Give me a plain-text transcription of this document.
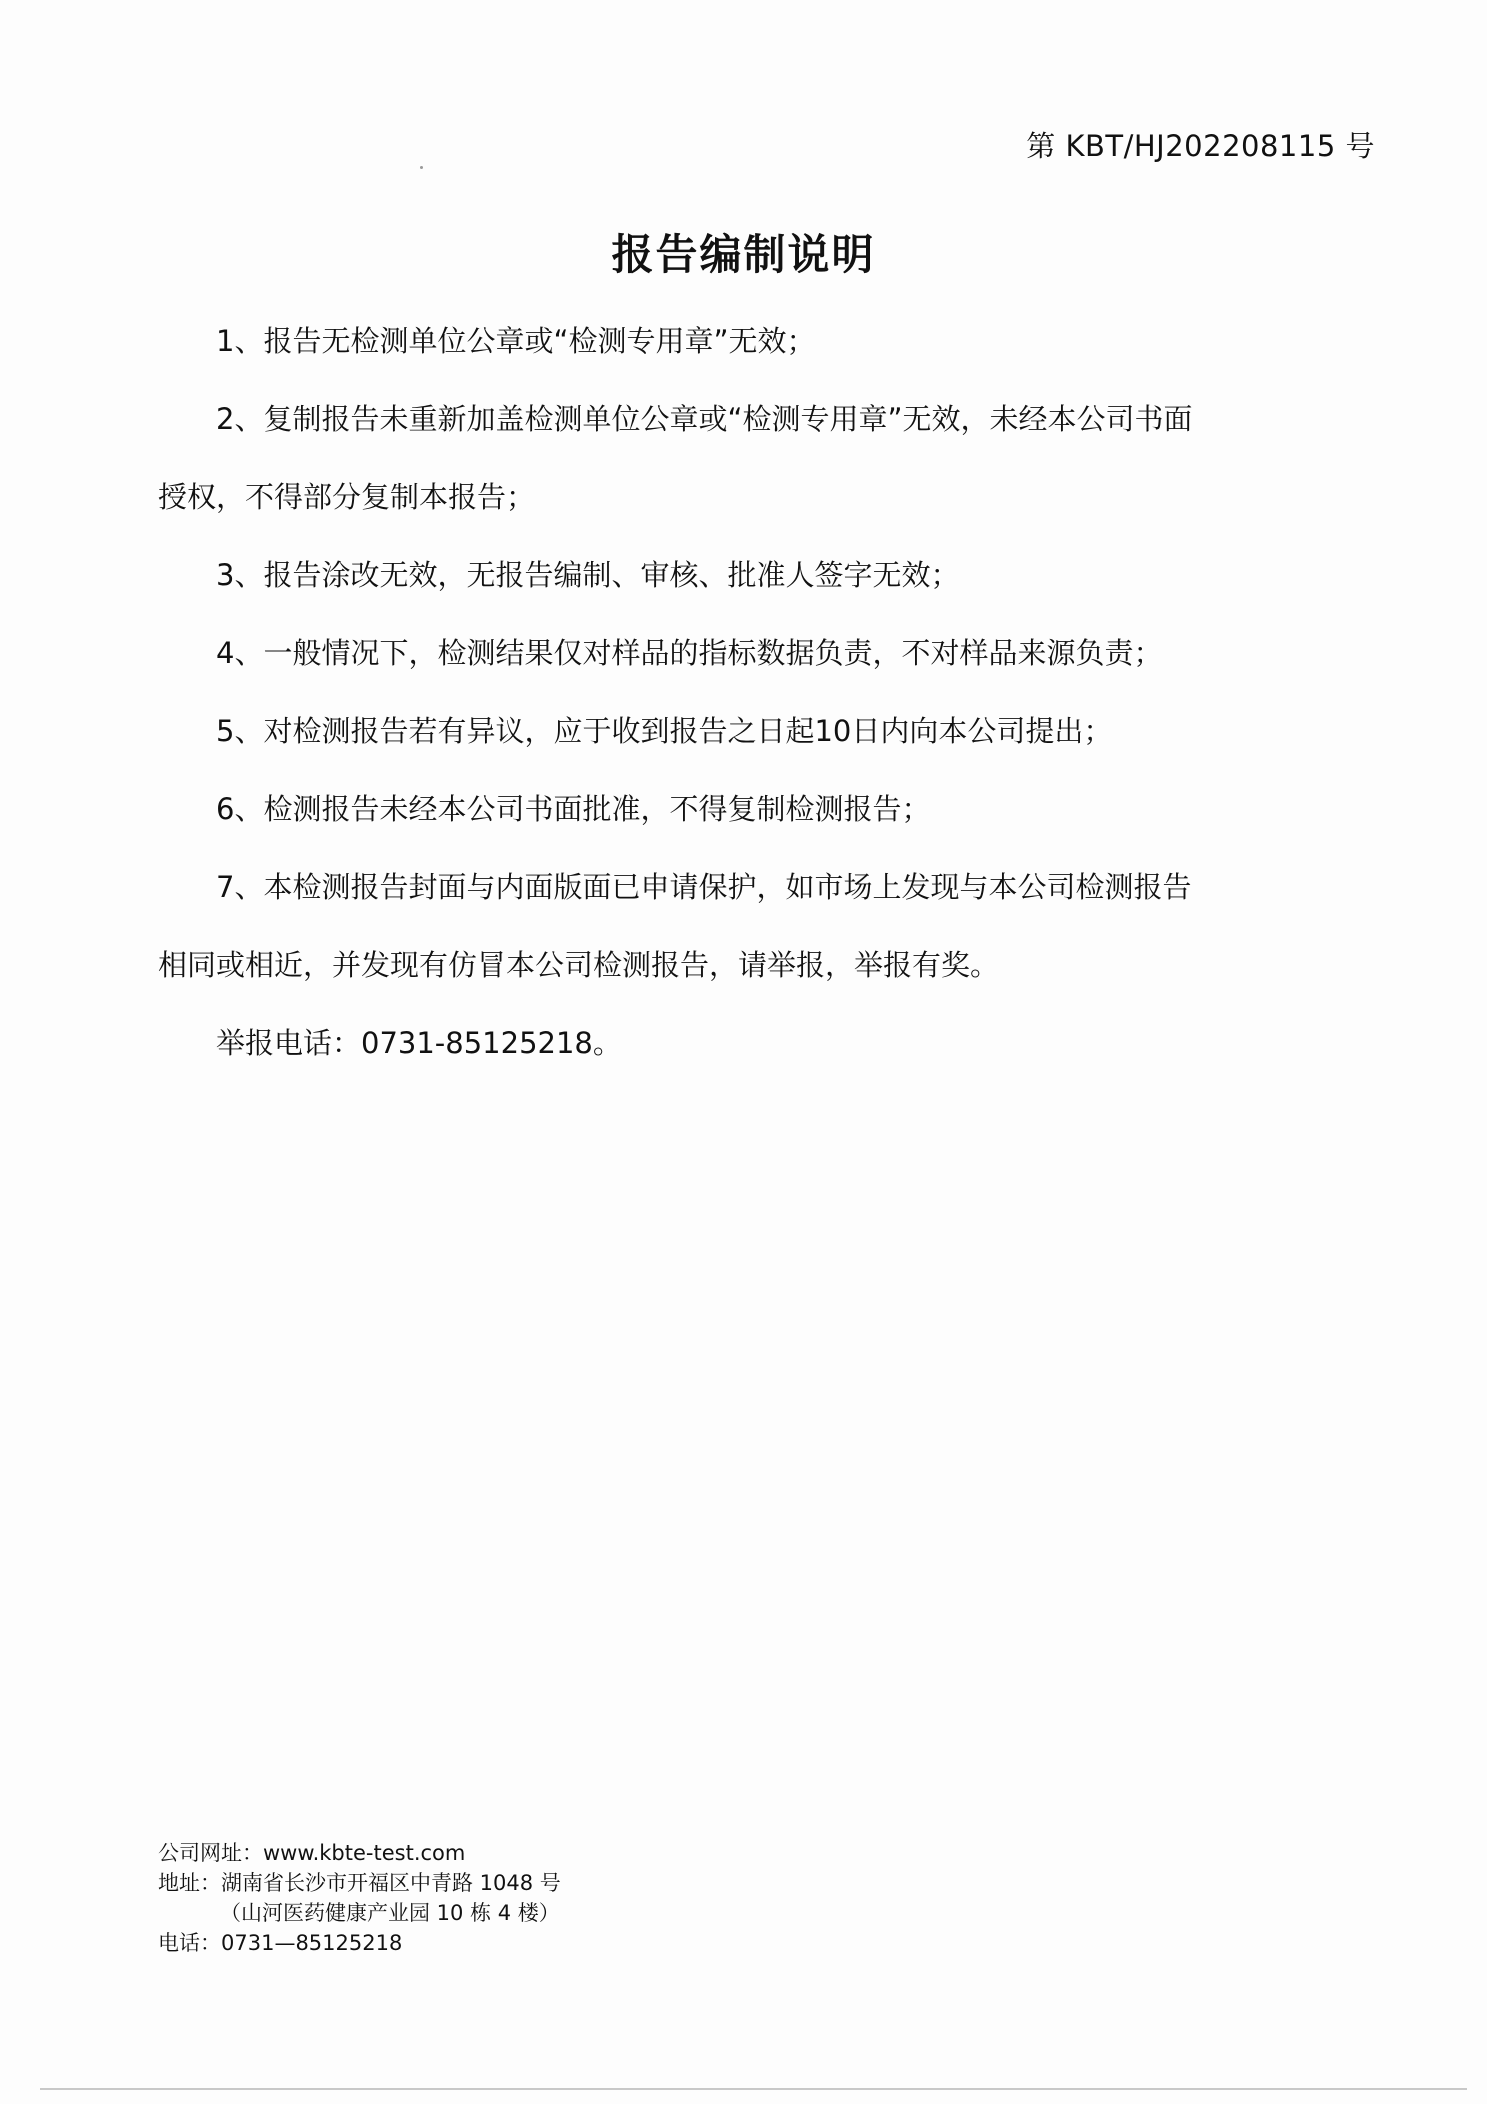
第 KBT/HJ202208115 号
报告编制说明

1、报告无检测单位公章或“检测专用章”无效；

2、复制报告未重新加盖检测单位公章或“检测专用章”无效，未经本公司书面授权，不得部分复制本报告；

3、报告涂改无效，无报告编制、审核、批准人签字无效；

4、一般情况下，检测结果仅对样品的指标数据负责，不对样品来源负责；

5、对检测报告若有异议，应于收到报告之日起10日内向本公司提出；

6、检测报告未经本公司书面批准，不得复制检测报告；

7、本检测报告封面与内面版面已申请保护，如市场上发现与本公司检测报告相同或相近，并发现有仿冒本公司检测报告，请举报，举报有奖。

举报电话：0731-85125218。

公司网址：www.kbte-test.com
地址：湖南省长沙市开福区中青路 1048 号
（山河医药健康产业园 10 栋 4 楼）
电话：0731—85125218
